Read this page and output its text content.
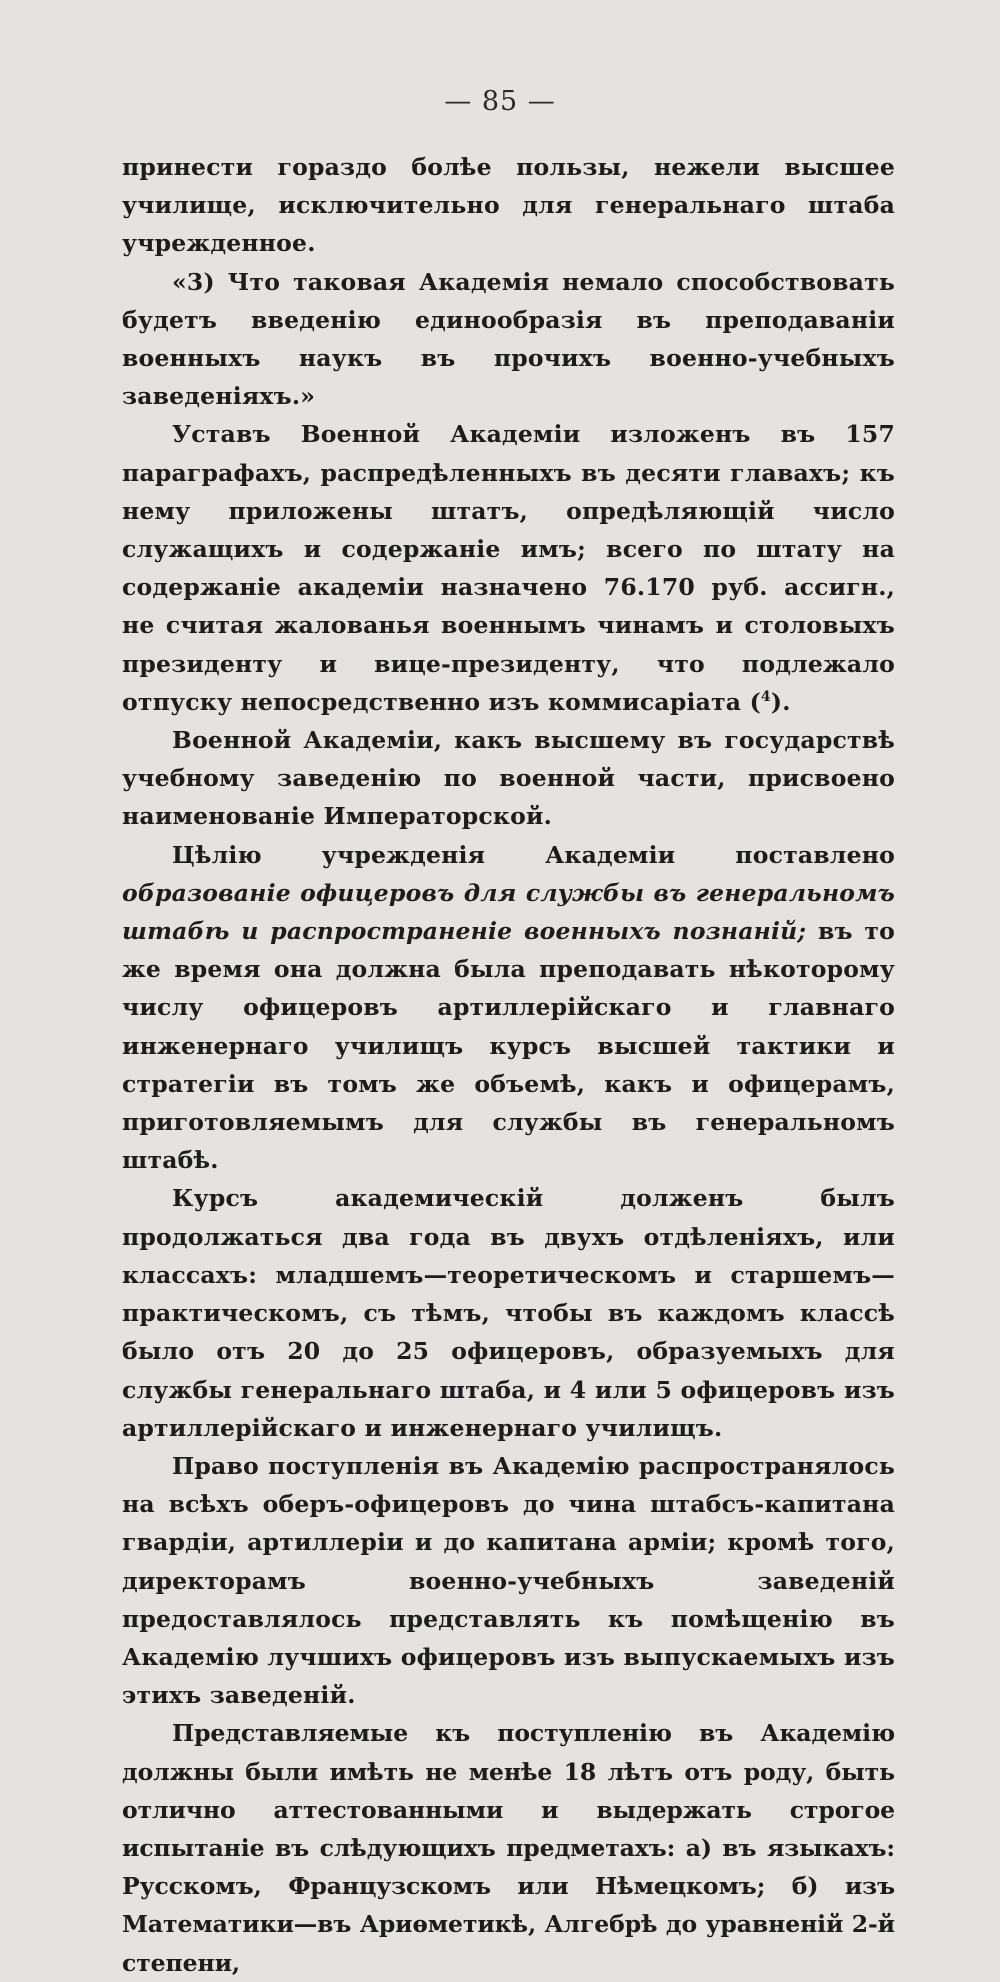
— 85 —

принести гораздо болѣе пользы, нежели высшее училище, исключительно для генеральнаго штаба учрежденное.

«3) Что таковая Академія немало способствовать будетъ введенію единообразія въ преподаваніи военныхъ наукъ въ прочихъ военно-учебныхъ заведеніяхъ.»

Уставъ Военной Академіи изложенъ въ 157 параграфахъ, распредѣленныхъ въ десяти главахъ; къ нему приложены штатъ, опредѣляющій число служащихъ и содержаніе имъ; всего по штату на содержаніе академіи назначено 76.170 руб. ассигн., не считая жалованья военнымъ чинамъ и столовыхъ президенту и вице-президенту, что подлежало отпуску непосредственно изъ коммисаріата ($^4$).

Военной Академіи, какъ высшему въ государствѣ учебному заведенію по военной части, присвоено наименованіе Императорской.

Цѣлію учрежденія Академіи поставлено образованіе офицеровъ для службы въ генеральномъ штабѣ и распространеніе военныхъ познаній; въ то же время она должна была преподавать нѣкоторому числу офицеровъ артиллерійскаго и главнаго инженернаго училищъ курсъ высшей тактики и стратегіи въ томъ же объемѣ, какъ и офицерамъ, приготовляемымъ для службы въ генеральномъ штабѣ.

Курсъ академическій долженъ былъ продолжаться два года въ двухъ отдѣленіяхъ, или классахъ: младшемъ—теоретическомъ и старшемъ—практическомъ, съ тѣмъ, чтобы въ каждомъ классѣ было отъ 20 до 25 офицеровъ, образуемыхъ для службы генеральнаго штаба, и 4 или 5 офицеровъ изъ артиллерійскаго и инженернаго училищъ.

Право поступленія въ Академію распространялось на всѣхъ оберъ-офицеровъ до чина штабсъ-капитана гвардіи, артиллеріи и до капитана арміи; кромѣ того, директорамъ военно-учебныхъ заведеній предоставлялось представлять къ помѣщенію въ Академію лучшихъ офицеровъ изъ выпускаемыхъ изъ этихъ заведеній.

Представляемые къ поступленію въ Академію должны были имѣть не менѣе 18 лѣтъ отъ роду, быть отлично аттестованными и выдержать строгое испытаніе въ слѣдующихъ предметахъ: а) въ языкахъ: Русскомъ, Французскомъ или Нѣмецкомъ; б) изъ Математики—въ Ариѳметикѣ, Алгебрѣ до уравненій 2-й степени,
